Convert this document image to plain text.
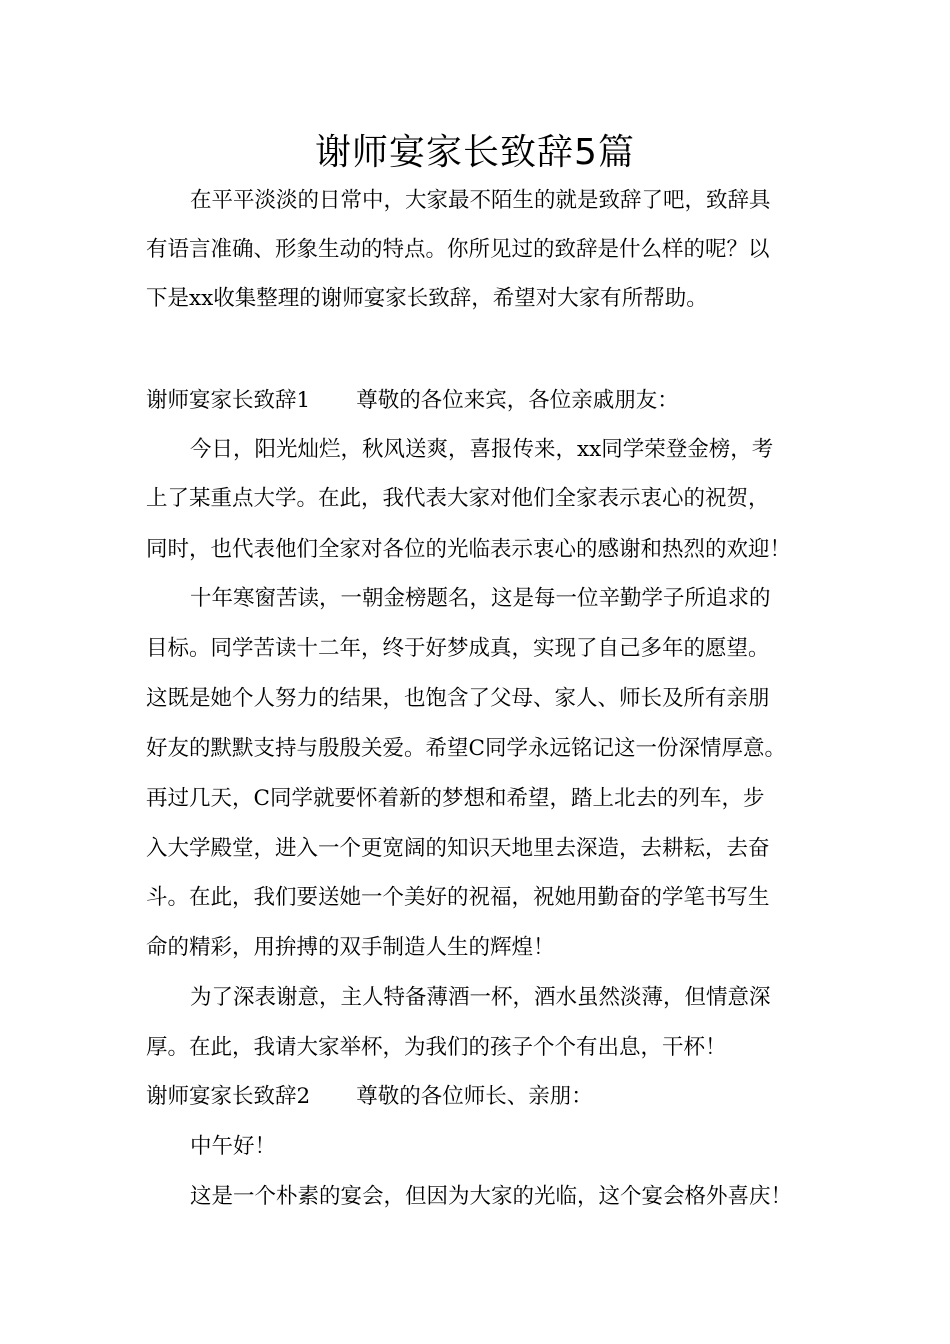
谢师宴家长致辞5篇
在平平淡淡的日常中，大家最不陌生的就是致辞了吧，致辞具
有语言准确、形象生动的特点。你所见过的致辞是什么样的呢？以
下是xx收集整理的谢师宴家长致辞，希望对大家有所帮助。
谢师宴家长致辞1 尊敬的各位来宾，各位亲戚朋友：
今日，阳光灿烂，秋风送爽，喜报传来，xx同学荣登金榜，考
上了某重点大学。在此，我代表大家对他们全家表示衷心的祝贺，
同时，也代表他们全家对各位的光临表示衷心的感谢和热烈的欢迎！
十年寒窗苦读，一朝金榜题名，这是每一位辛勤学子所追求的
目标。同学苦读十二年，终于好梦成真，实现了自己多年的愿望。
这既是她个人努力的结果，也饱含了父母、家人、师长及所有亲朋
好友的默默支持与殷殷关爱。希望C同学永远铭记这一份深情厚意。
再过几天，C同学就要怀着新的梦想和希望，踏上北去的列车，步
入大学殿堂，进入一个更宽阔的知识天地里去深造，去耕耘，去奋
斗。在此，我们要送她一个美好的祝福，祝她用勤奋的学笔书写生
命的精彩，用拚搏的双手制造人生的辉煌！
为了深表谢意，主人特备薄酒一杯，酒水虽然淡薄，但情意深
厚。在此，我请大家举杯，为我们的孩子个个有出息，干杯！
谢师宴家长致辞2 尊敬的各位师长、亲朋：
中午好！
这是一个朴素的宴会，但因为大家的光临，这个宴会格外喜庆！
